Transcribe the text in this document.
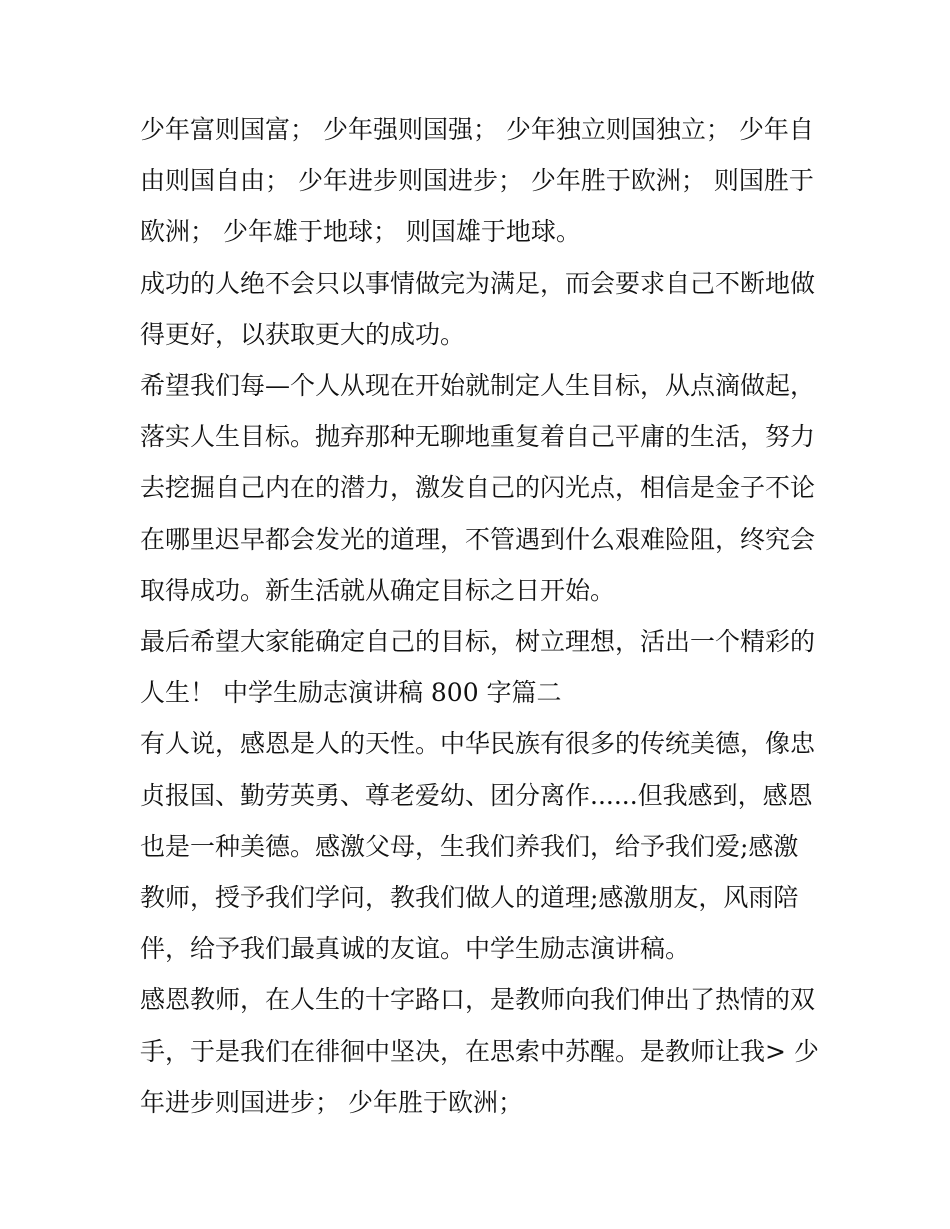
少年富则国富； 少年强则国强； 少年独立则国独立； 少年自
由则国自由； 少年进步则国进步； 少年胜于欧洲； 则国胜于
欧洲； 少年雄于地球； 则国雄于地球。

成功的人绝不会只以事情做完为满足，而会要求自己不断地做
得更好，以获取更大的成功。

希望我们每—个人从现在开始就制定人生目标，从点滴做起，
落实人生目标。抛弃那种无聊地重复着自己平庸的生活，努力
去挖掘自己内在的潜力，激发自己的闪光点，相信是金子不论
在哪里迟早都会发光的道理，不管遇到什么艰难险阻，终究会
取得成功。新生活就从确定目标之日开始。

最后希望大家能确定自己的目标，树立理想，活出一个精彩的
人生！ 中学生励志演讲稿 800 字篇二

有人说，感恩是人的天性。中华民族有很多的传统美德，像忠
贞报国、勤劳英勇、尊老爱幼、团分离作......但我感到，感恩
也是一种美德。感激父母，生我们养我们，给予我们爱;感激
教师，授予我们学问，教我们做人的道理;感激朋友，风雨陪
伴，给予我们最真诚的友谊。中学生励志演讲稿。

感恩教师，在人生的十字路口，是教师向我们伸出了热情的双
手，于是我们在徘徊中坚决，在思索中苏醒。是教师让我> 少
年进步则国进步； 少年胜于欧洲；
